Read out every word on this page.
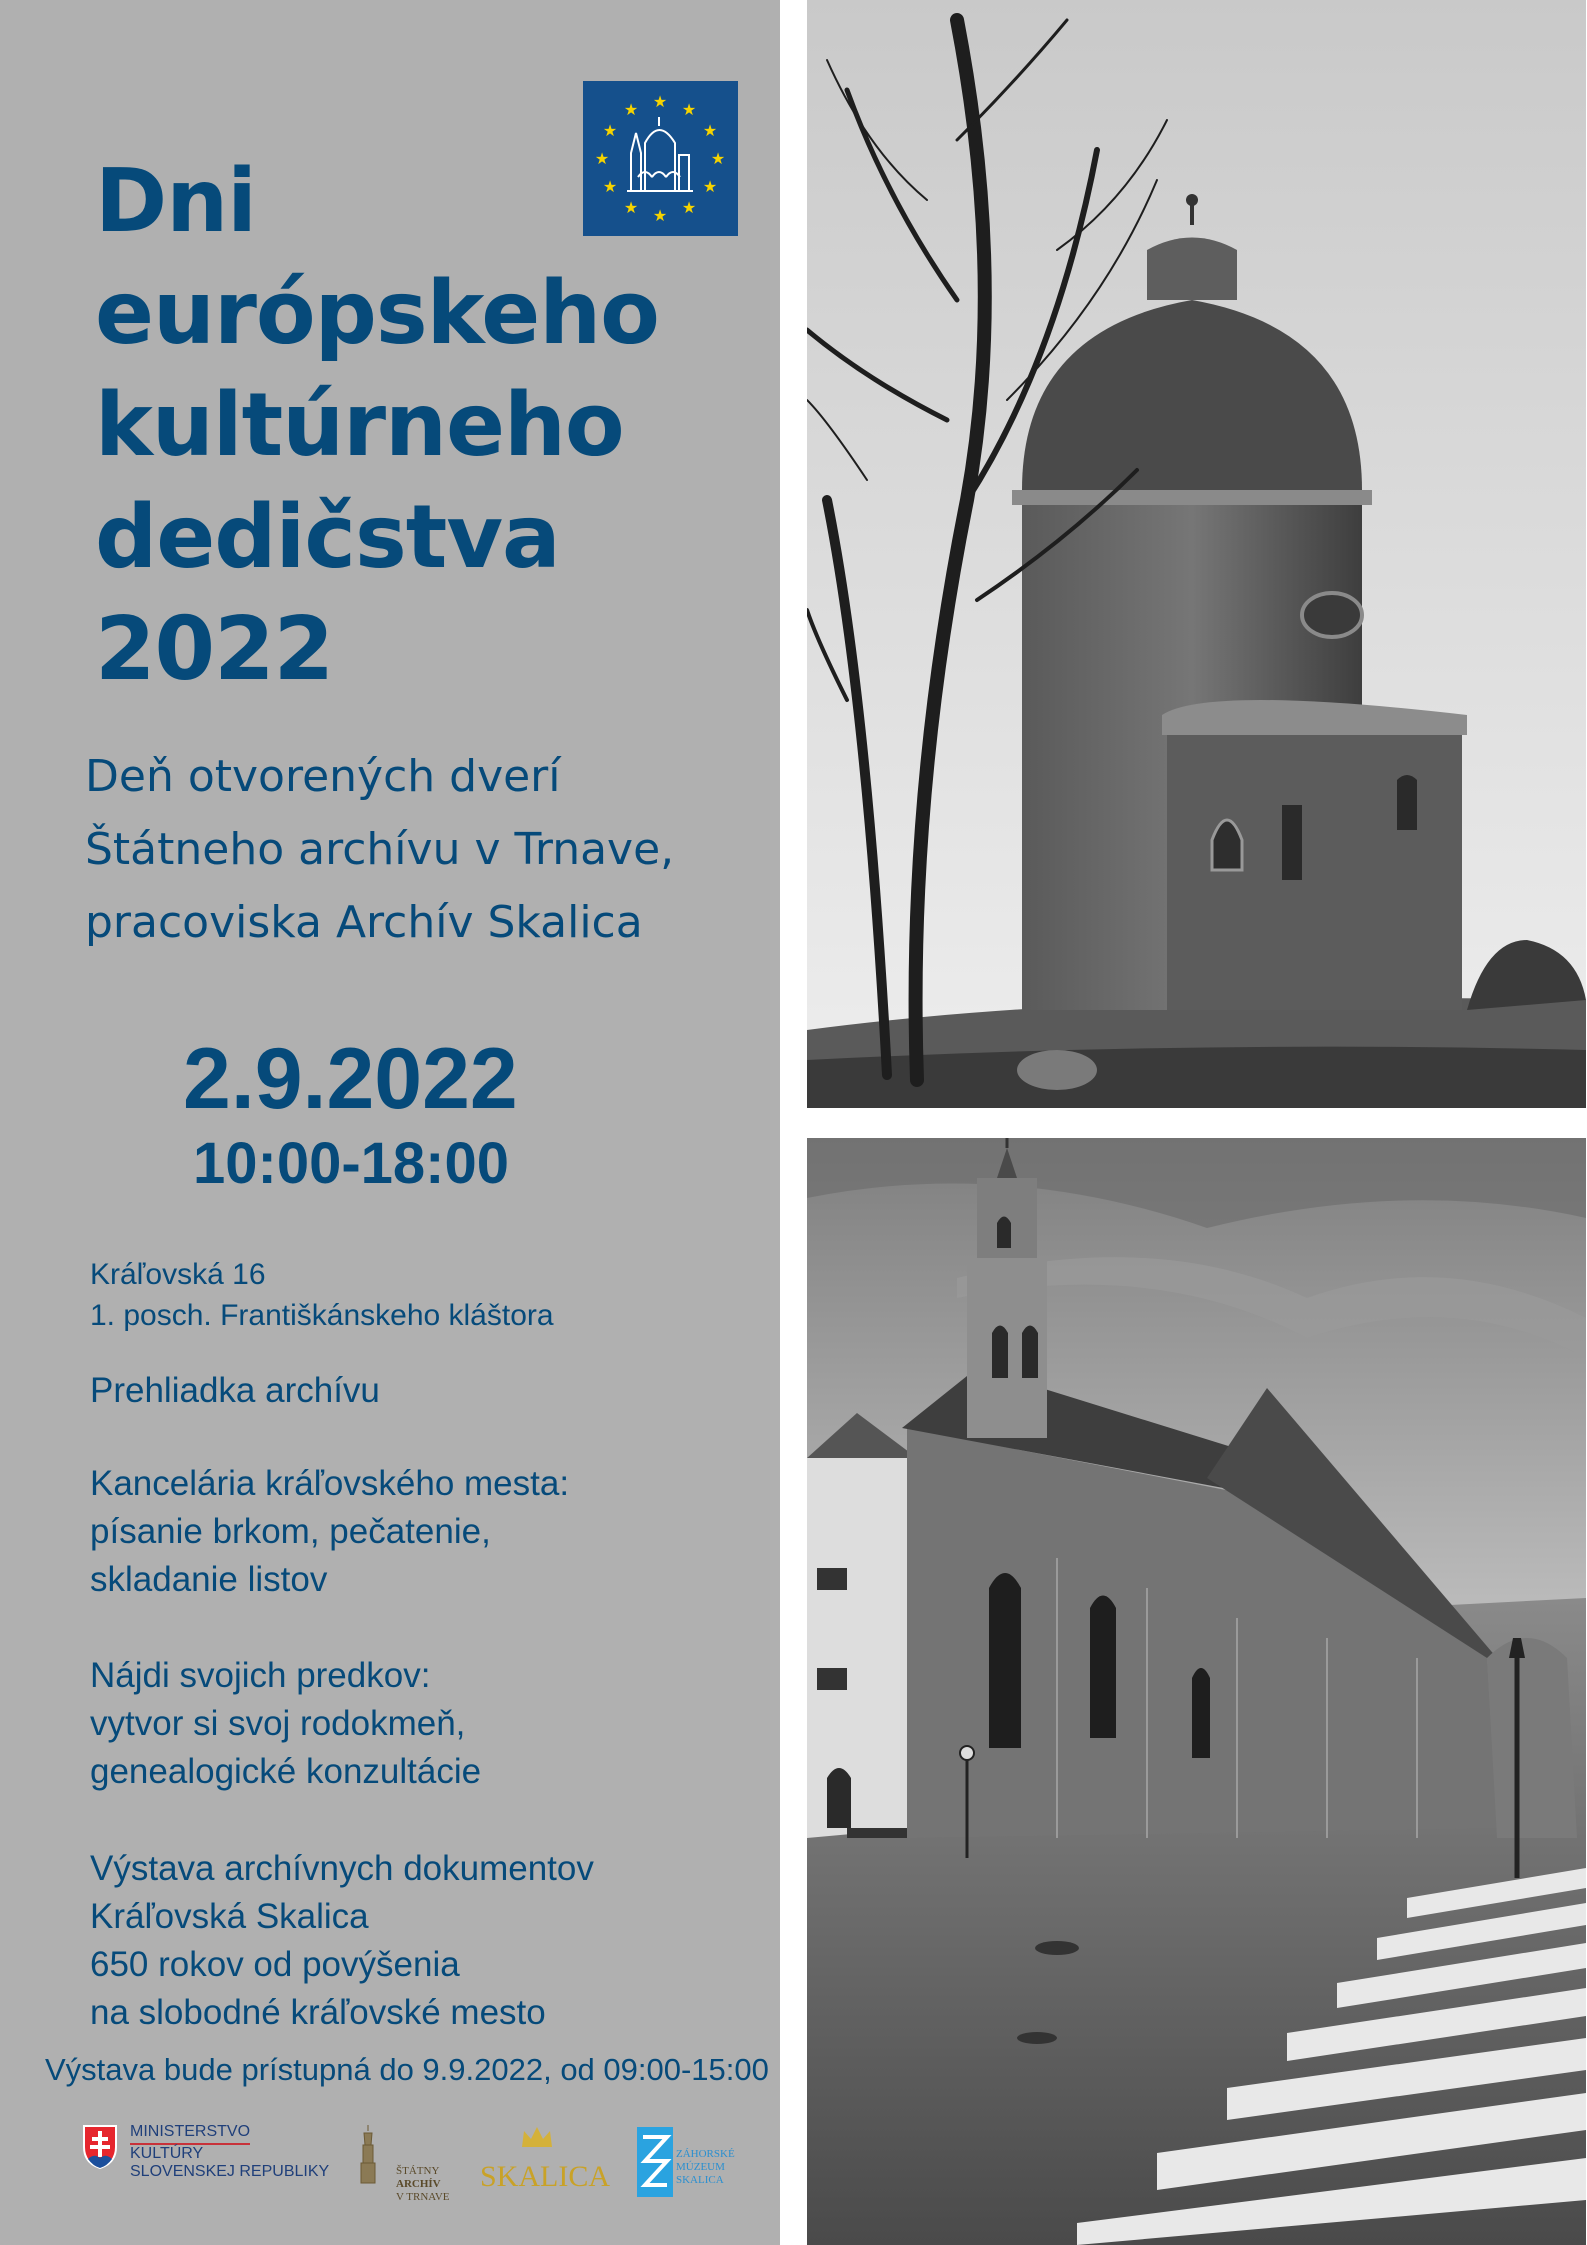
Dni
európskeho
kultúrneho
dedičstva
2022
★ ★
★
★
★
★
★
★
★
★
★
★
Deň otvorených dverí
Štátneho archívu v Trnave,
pracoviska Archív Skalica
2.9.2022
10:00-18:00
Kráľovská 16
1. posch. Františkánskeho kláštora
Prehliadka archívu
Kancelária kráľovského mesta:
písanie brkom, pečatenie,
skladanie listov
Nájdi svojich predkov:
vytvor si svoj rodokmeň,
genealogické konzultácie
Výstava archívnych dokumentov
Kráľovská Skalica
650 rokov od povýšenia
na slobodné kráľovské mesto
Výstava bude prístupná do 9.9.2022, od 09:00-15:00
MINISTERSTVO
KULTÚRY
SLOVENSKEJ REPUBLIKY	ŠTÁTNY
ARCHÍV
V TRNAVE
SKALICA
ZÁHORSKÉ
MÚZEUM
SKALICA
